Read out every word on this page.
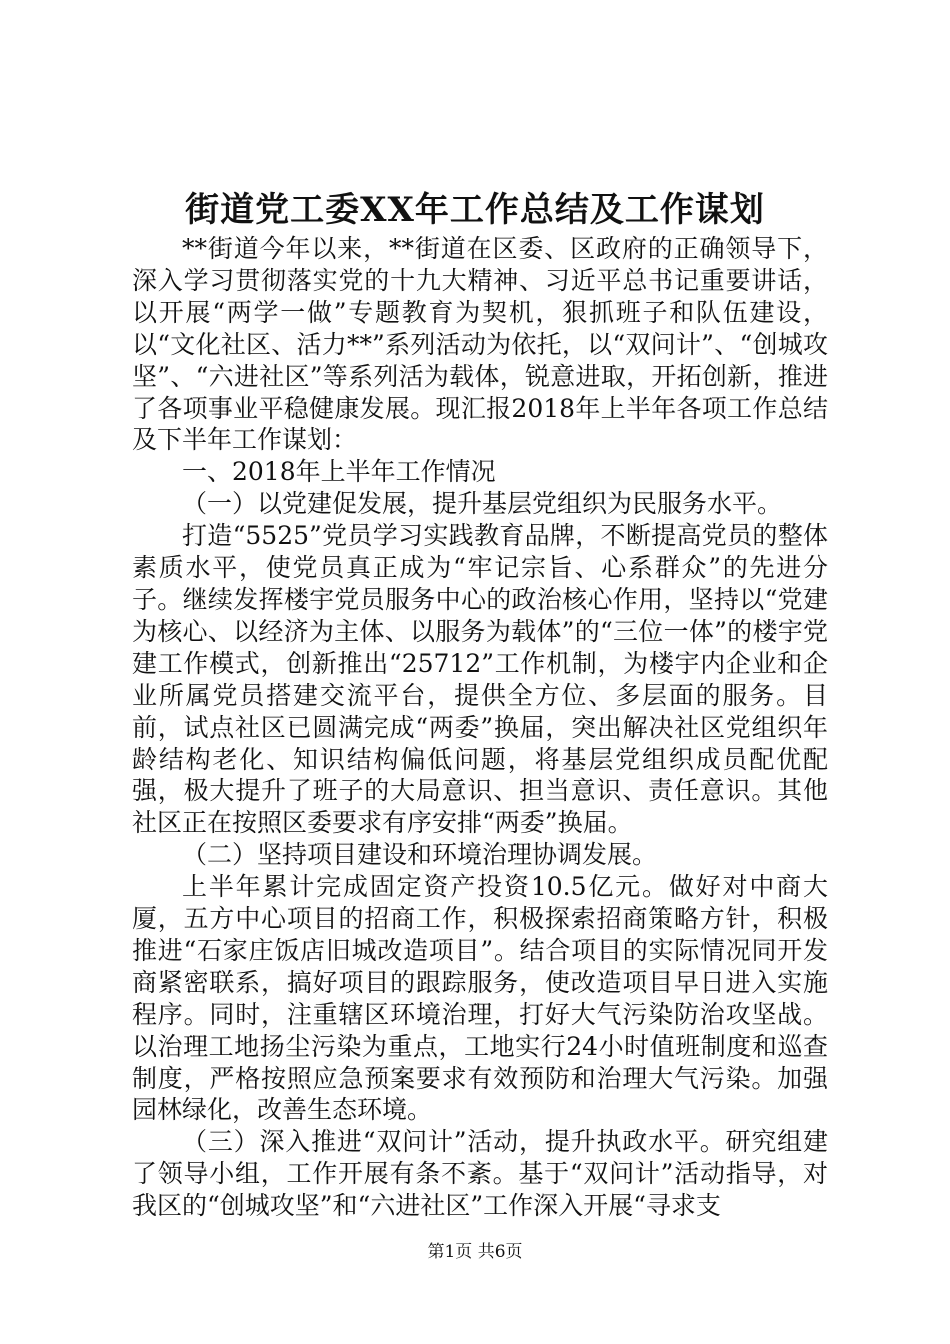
街道党工委XX年工作总结及工作谋划

**街道今年以来，**街道在区委、区政府的正确领导下，深入学习贯彻落实党的十九大精神、习近平总书记重要讲话，以开展“两学一做”专题教育为契机，狠抓班子和队伍建设，以“文化社区、活力**”系列活动为依托，以“双问计”、“创城攻坚”、“六进社区”等系列活为载体，锐意进取，开拓创新，推进了各项事业平稳健康发展。现汇报2018年上半年各项工作总结及下半年工作谋划：

一、2018年上半年工作情况

（一）以党建促发展，提升基层党组织为民服务水平。

打造“5525”党员学习实践教育品牌，不断提高党员的整体素质水平，使党员真正成为“牢记宗旨、心系群众”的先进分子。继续发挥楼宇党员服务中心的政治核心作用，坚持以“党建为核心、以经济为主体、以服务为载体”的“三位一体”的楼宇党建工作模式，创新推出“25712”工作机制，为楼宇内企业和企业所属党员搭建交流平台，提供全方位、多层面的服务。目前，试点社区已圆满完成“两委”换届，突出解决社区党组织年龄结构老化、知识结构偏低问题，将基层党组织成员配优配强，极大提升了班子的大局意识、担当意识、责任意识。其他社区正在按照区委要求有序安排“两委”换届。

（二）坚持项目建设和环境治理协调发展。

上半年累计完成固定资产投资10.5亿元。做好对中商大厦，五方中心项目的招商工作，积极探索招商策略方针，积极推进“石家庄饭店旧城改造项目”。结合项目的实际情况同开发商紧密联系，搞好项目的跟踪服务，使改造项目早日进入实施程序。同时，注重辖区环境治理，打好大气污染防治攻坚战。以治理工地扬尘污染为重点，工地实行24小时值班制度和巡查制度，严格按照应急预案要求有效预防和治理大气污染。加强园林绿化，改善生态环境。

（三）深入推进“双问计”活动，提升执政水平。研究组建了领导小组，工作开展有条不紊。基于“双问计”活动指导，对我区的“创城攻坚”和“六进社区”工作深入开展“寻求支

第1页 共6页
